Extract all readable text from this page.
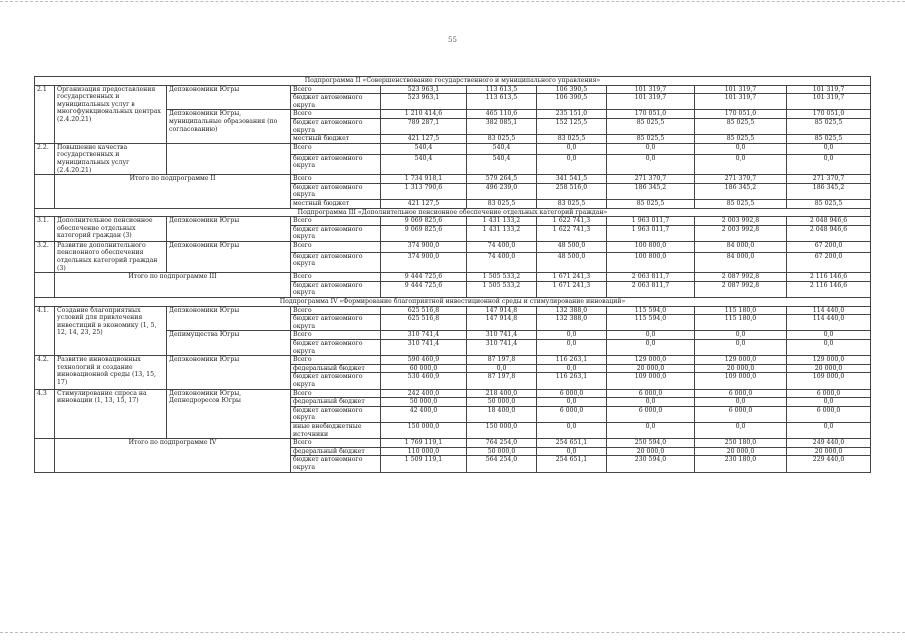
55
Подпрограмма II «Совершенствование государственного и муниципального управления»									
2.1	Организация предоставления государственных и муниципальных услуг в многофункциональных центрах (2.4.20.21)	Депэкономики Югры	Всего	523 963,1	113 613,5	106 390,5	101 319,7	101 319,7	101 319,7
			бюджет автономного округа	523 963,1	113 613,5	106 390,5	101 319,7	101 319,7	101 319,7
		Депэкономики Югры, муниципальные образования (по согласованию)	Всего	1 210 414,6	465 110,6	235 151,0	170 051,0	170 051,0	170 051,0
			бюджет автономного округа	789 287,1	382 085,1	152 125,5	85 025,5	85 025,5	85 025,5
			местный бюджет	421 127,5	83 025,5	83 025,5	85 025,5	85 025,5	85 025,5
2.2.	Повышение качества государственных и муниципальных услуг (2.4.20.21)		Всего	540,4	540,4	0,0	0,0	0,0	0,0
			бюджет автономного округа	540,4	540,4	0,0	0,0	0,0	0,0
	Итого по подпрограмме II		Всего	1 734 918,1	579 264,5	341 541,5	271 370,7	271 370,7	271 370,7
			бюджет автономного округа	1 313 790,6	496 239,0	258 516,0	186 345,2	186 345,2	186 345,2
			местный бюджет	421 127,5	83 025,5	83 025,5	85 025,5	85 025,5	85 025,5
Подпрограмма III «Дополнительное пенсионное обеспечение отдельных категорий граждан»									
3.1.	Дополнительное пенсионное обеспечение отдельных категорий граждан (3)	Депэкономики Югры	Всего	9 069 825,6	1 431 133,2	1 622 741,3	1 963 011,7	2 003 992,8	2 048 946,6
			бюджет автономного округа	9 069 825,6	1 431 133,2	1 622 741,3	1 963 011,7	2 003 992,8	2 048 946,6
3.2.	Развитие дополнительного пенсионного обеспечения отдельных категорий граждан (3)	Депэкономики Югры	Всего	374 900,0	74 400,0	48 500,0	100 800,0	84 000,0	67 200,0
			бюджет автономного округа	374 900,0	74 400,0	48 500,0	100 800,0	84 000,0	67 200,0
	Итого по подпрограмме III		Всего	9 444 725,6	1 505 533,2	1 671 241,3	2 063 811,7	2 087 992,8	2 116 146,6
			бюджет автономного округа	9 444 725,6	1 505 533,2	1 671 241,3	2 063 811,7	2 087 992,8	2 116 146,6
Подпрограмма IV «Формирование благоприятной инвестиционной среды и стимулирование инноваций»									
4.1.	Создание благоприятных условий для привлечения инвестиций в экономику (1, 5, 12, 14, 23, 25)	Депэкономики Югры	Всего	625 516,8	147 914,8	132 388,0	115 594,0	115 180,0	114 440,0
			бюджет автономного округа	625 516,8	147 914,8	132 388,0	115 594,0	115 180,0	114 440,0
		Депимущества Югры	Всего	310 741,4	310 741,4	0,0	0,0	0,0	0,0
			бюджет автономного округа	310 741,4	310 741,4	0,0	0,0	0,0	0,0
4.2.	Развитие инновационных технологий и создание инновационной среды (13, 15, 17)	Депэкономики Югры	Всего	590 460,9	87 197,8	116 263,1	129 000,0	129 000,0	129 000,0
			федеральный бюджет	60 000,0	0,0	0,0	20 000,0	20 000,0	20 000,0
			бюджет автономного округа	530 460,9	87 197,8	116 263,1	109 000,0	109 000,0	109 000,0
4.3	Стимулирование спроса на инновации (1, 13, 15, 17)	Депэкономики Югры, Депнедроресов Югры	Всего	242 400,0	218 400,0	6 000,0	6 000,0	6 000,0	6 000,0
			федеральный бюджет	50 000,0	50 000,0	0,0	0,0	0,0	0,0
			бюджет автономного округа	42 400,0	18 400,0	6 000,0	6 000,0	6 000,0	6 000,0
			иные внебюджетные источники	150 000,0	150 000,0	0,0	0,0	0,0	0,0
	Итого по подпрограмме IV		Всего	1 769 119,1	764 254,0	254 651,1	250 594,0	250 180,0	249 440,0
			федеральный бюджет	110 000,0	50 000,0	0,0	20 000,0	20 000,0	20 000,0
			бюджет автономного округа	1 509 119,1	564 254,0	254 651,1	230 594,0	230 180,0	229 440,0
